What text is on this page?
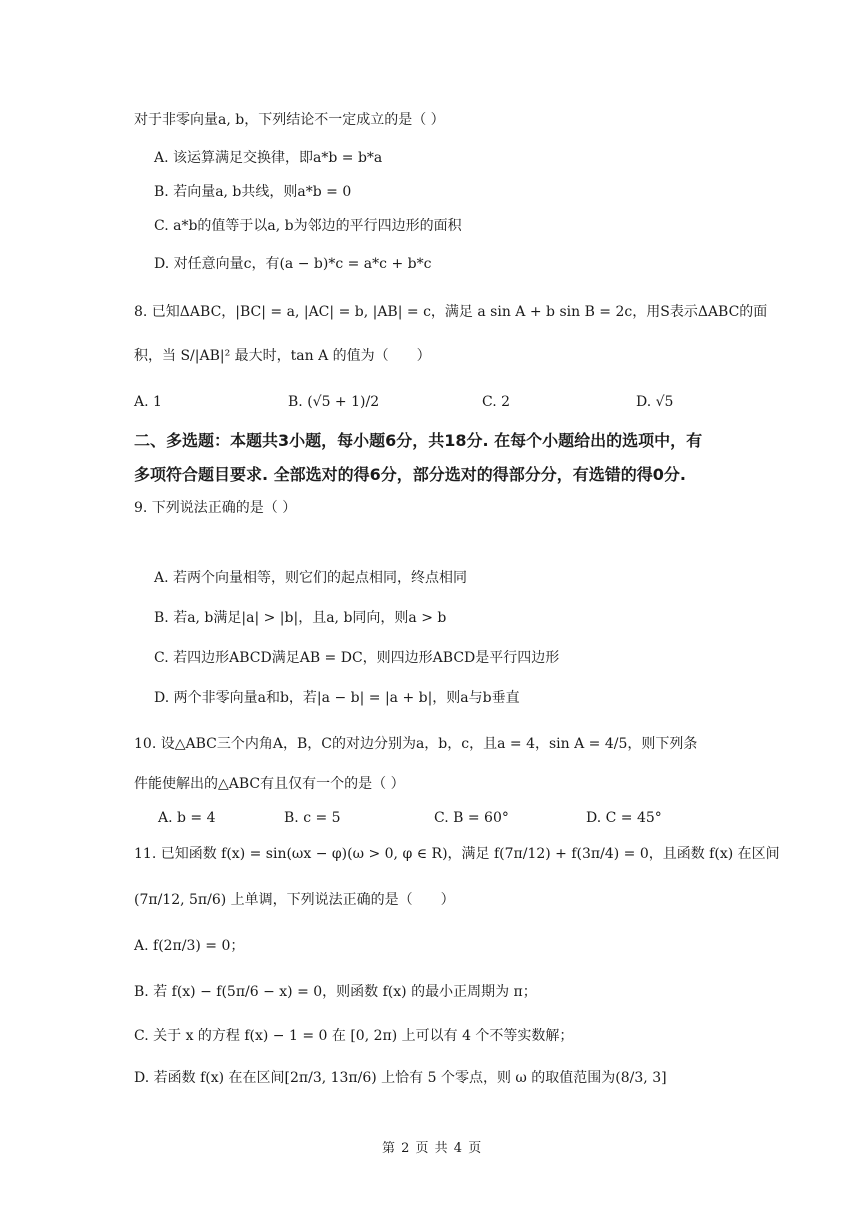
对于非零向量a, b，下列结论不一定成立的是（ ）
A. 该运算满足交换律，即a*b = b*a
B. 若向量a, b共线，则a*b = 0
C. a*b的值等于以a, b为邻边的平行四边形的面积
D. 对任意向量c，有(a − b)*c = a*c + b*c
8. 已知ΔABC，|BC| = a, |AC| = b, |AB| = c，满足 a sin A + b sin B = 2c，用S表示ΔABC的面
积，当 S/|AB|² 最大时，tan A 的值为（　　）
A. 1	B. (√5 + 1)/2	C. 2	D. √5
二、多选题：本题共3小题，每小题6分，共18分. 在每个小题给出的选项中，有
多项符合题目要求. 全部选对的得6分，部分选对的得部分分，有选错的得0分.
9. 下列说法正确的是（ ）
A. 若两个向量相等，则它们的起点相同，终点相同
B. 若a, b满足|a| > |b|，且a, b同向，则a > b
C. 若四边形ABCD满足AB = DC，则四边形ABCD是平行四边形
D. 两个非零向量a和b，若|a − b| = |a + b|，则a与b垂直
10. 设△ABC三个内角A，B，C的对边分别为a，b，c，且a = 4，sin A = 4/5，则下列条
件能使解出的△ABC有且仅有一个的是（ ）
A. b = 4	B. c = 5	C. B = 60°	D. C = 45°
11. 已知函数 f(x) = sin(ωx − φ)(ω > 0, φ ∈ R)，满足 f(7π/12) + f(3π/4) = 0，且函数 f(x) 在区间
(7π/12, 5π/6) 上单调，下列说法正确的是（　　）
A. f(2π/3) = 0；
B. 若 f(x) − f(5π/6 − x) = 0，则函数 f(x) 的最小正周期为 π；
C. 关于 x 的方程 f(x) − 1 = 0 在 [0, 2π) 上可以有 4 个不等实数解；
D. 若函数 f(x) 在在区间[2π/3, 13π/6) 上恰有 5 个零点，则 ω 的取值范围为(8/3, 3]
第 2 页 共 4 页
